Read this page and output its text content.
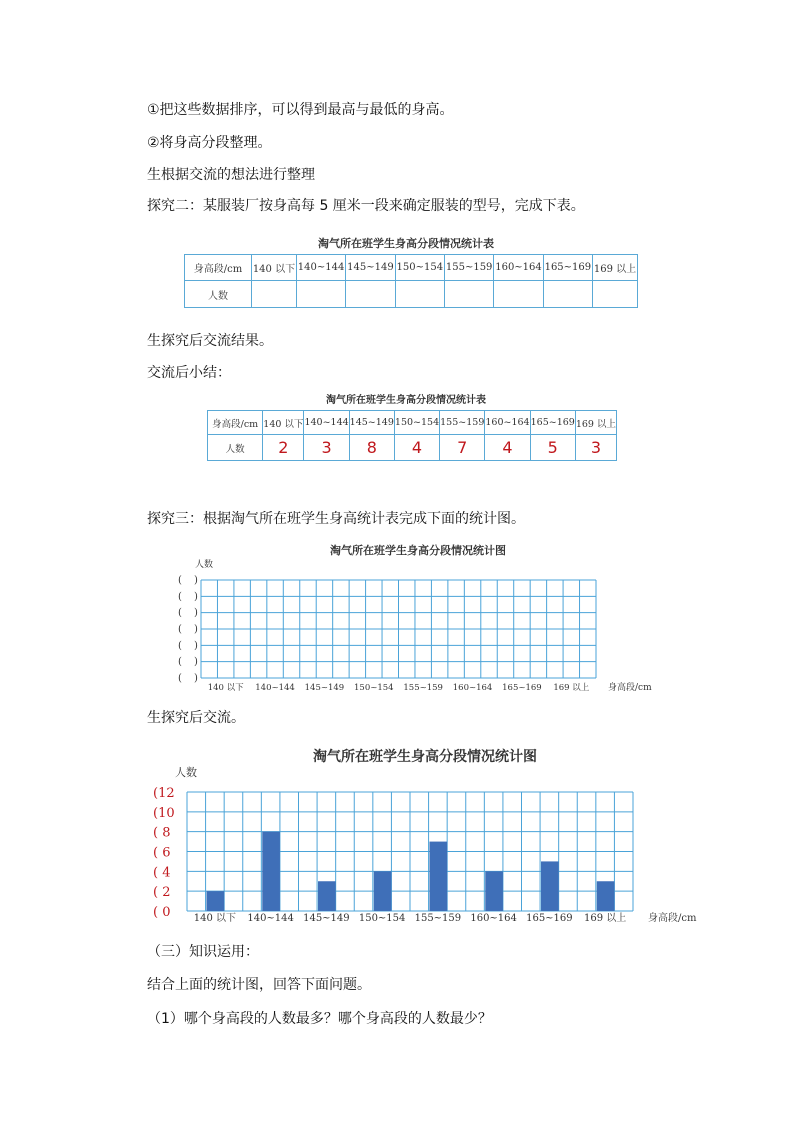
①把这些数据排序，可以得到最高与最低的身高。
②将身高分段整理。
生根据交流的想法进行整理
探究二：某服装厂按身高每 5 厘米一段来确定服装的型号，完成下表。
淘气所在班学生身高分段情况统计表
身高段/cm	140 以下	140~144	145~149	150~154	155~159	160~164	165~169	169 以上
人数								
生探究后交流结果。
交流后小结：
淘气所在班学生身高分段情况统计表
身高段/cm	140 以下	140~144	145~149	150~154	155~159	160~164	165~169	169 以上
人数	2	3	8	4	7	4	5	3
探究三：根据淘气所在班学生身高统计表完成下面的统计图。
淘气所在班学生身高分段情况统计图
人数
( )
( )
( )
( )
( )
( )
( )
140 以下 140~144 145~149 150~154 155~159 160~164 165~169 169 以上 身高段/cm
生探究后交流。
淘气所在班学生身高分段情况统计图
人数
(12
(10
( 8
( 6
( 4
( 2
( 0 140 以下 140~144 145~149 150~154 155~159 160~164 165~169 169 以上 身高段/cm
（三）知识运用：
结合上面的统计图，回答下面问题。
（1）哪个身高段的人数最多？哪个身高段的人数最少？
